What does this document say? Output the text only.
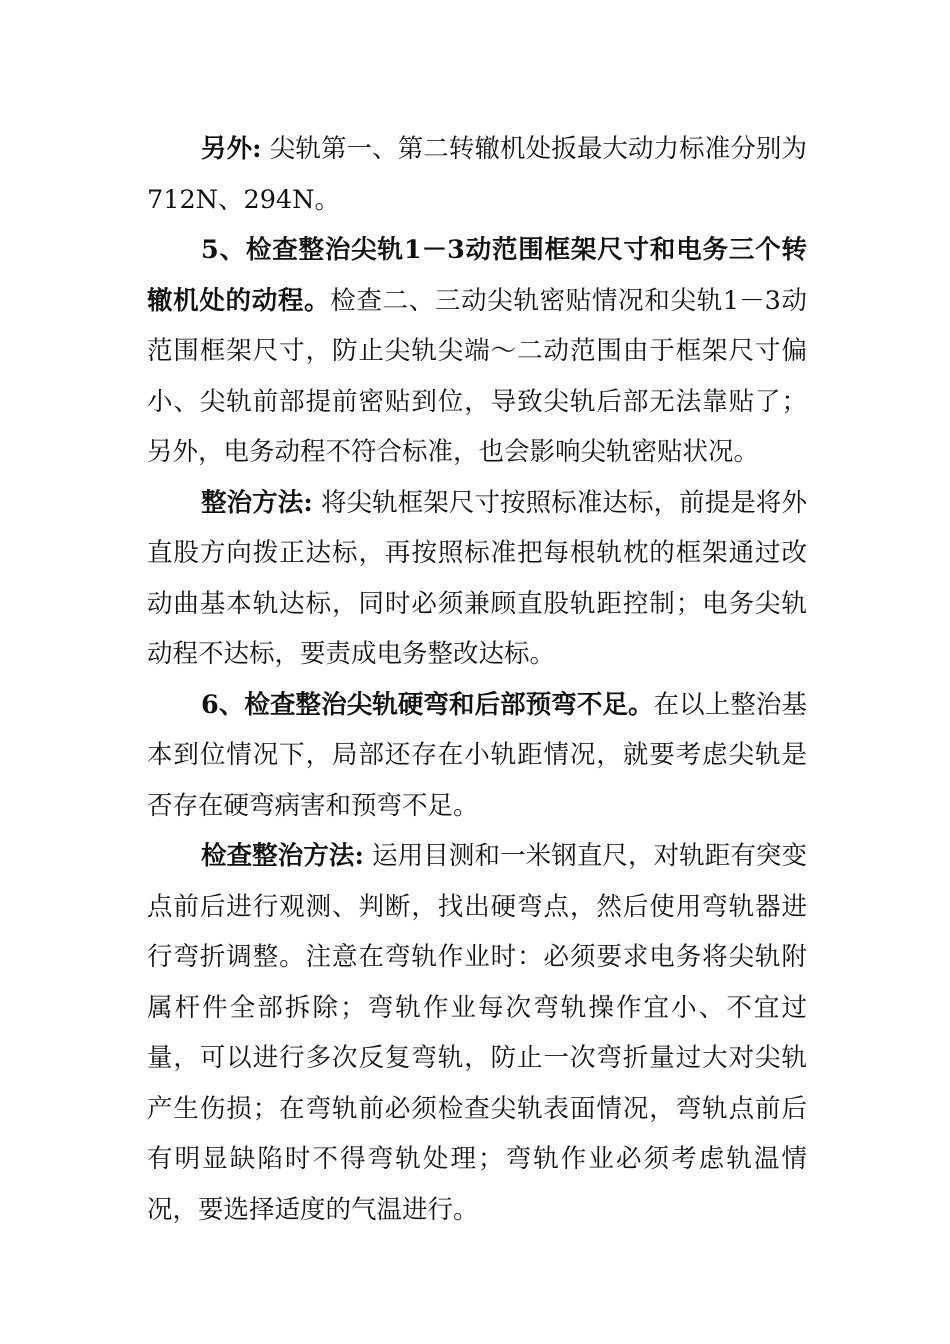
另外: 尖轨第一、第二转辙机处扳最大动力标准分别为712N、294N。

5、检查整治尖轨1－3动范围框架尺寸和电务三个转辙机处的动程。检查二、三动尖轨密贴情况和尖轨1－3动范围框架尺寸，防止尖轨尖端～二动范围由于框架尺寸偏小、尖轨前部提前密贴到位，导致尖轨后部无法靠贴了；另外，电务动程不符合标准，也会影响尖轨密贴状况。

整治方法: 将尖轨框架尺寸按照标准达标，前提是将外直股方向拨正达标，再按照标准把每根轨枕的框架通过改动曲基本轨达标，同时必须兼顾直股轨距控制；电务尖轨动程不达标，要责成电务整改达标。

6、检查整治尖轨硬弯和后部预弯不足。在以上整治基本到位情况下，局部还存在小轨距情况，就要考虑尖轨是否存在硬弯病害和预弯不足。

检查整治方法: 运用目测和一米钢直尺，对轨距有突变点前后进行观测、判断，找出硬弯点，然后使用弯轨器进行弯折调整。注意在弯轨作业时：必须要求电务将尖轨附属杆件全部拆除；弯轨作业每次弯轨操作宜小、不宜过量，可以进行多次反复弯轨，防止一次弯折量过大对尖轨产生伤损；在弯轨前必须检查尖轨表面情况，弯轨点前后有明显缺陷时不得弯轨处理；弯轨作业必须考虑轨温情况，要选择适度的气温进行。
